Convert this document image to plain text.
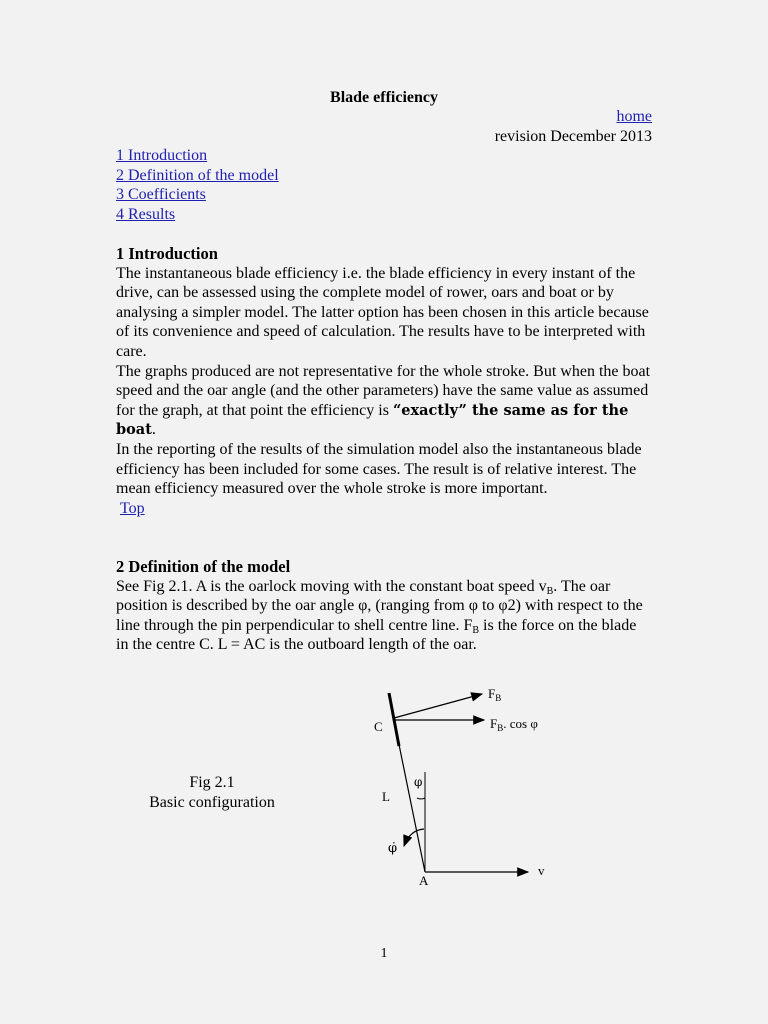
Blade efficiency
home
revision December 2013
1 Introduction
2 Definition of the model
3 Coefficients
4 Results
1 Introduction

The instantaneous blade efficiency i.e. the blade efficiency in every instant of the drive, can be assessed using the complete model of rower, oars and boat or by analysing a simpler model. The latter option has been chosen in this article because of its convenience and speed of calculation. The results have to be interpreted with care.

The graphs produced are not representative for the whole stroke. But when the boat speed and the oar angle (and the other parameters) have the same value as assumed for the graph, at that point the efficiency is “exactly” the same as for the boat.

In the reporting of the results of the simulation model also the instantaneous blade efficiency has been included for some cases. The result is of relative interest. The mean efficiency measured over the whole stroke is more important.

Top
2 Definition of the model

See Fig 2.1. A is the oarlock moving with the constant boat speed $v_B$. The oar position is described by the oar angle φ, (ranging from φ to φ2) with respect to the line through the pin perpendicular to shell centre line. $F_B$ is the force on the blade in the centre C. L = AC is the outboard length of the oar.

Fig 2.1
Basic configuration
$F_B$
$F_B$. cos φ
C
L
φ
φ̇
A
v
1
